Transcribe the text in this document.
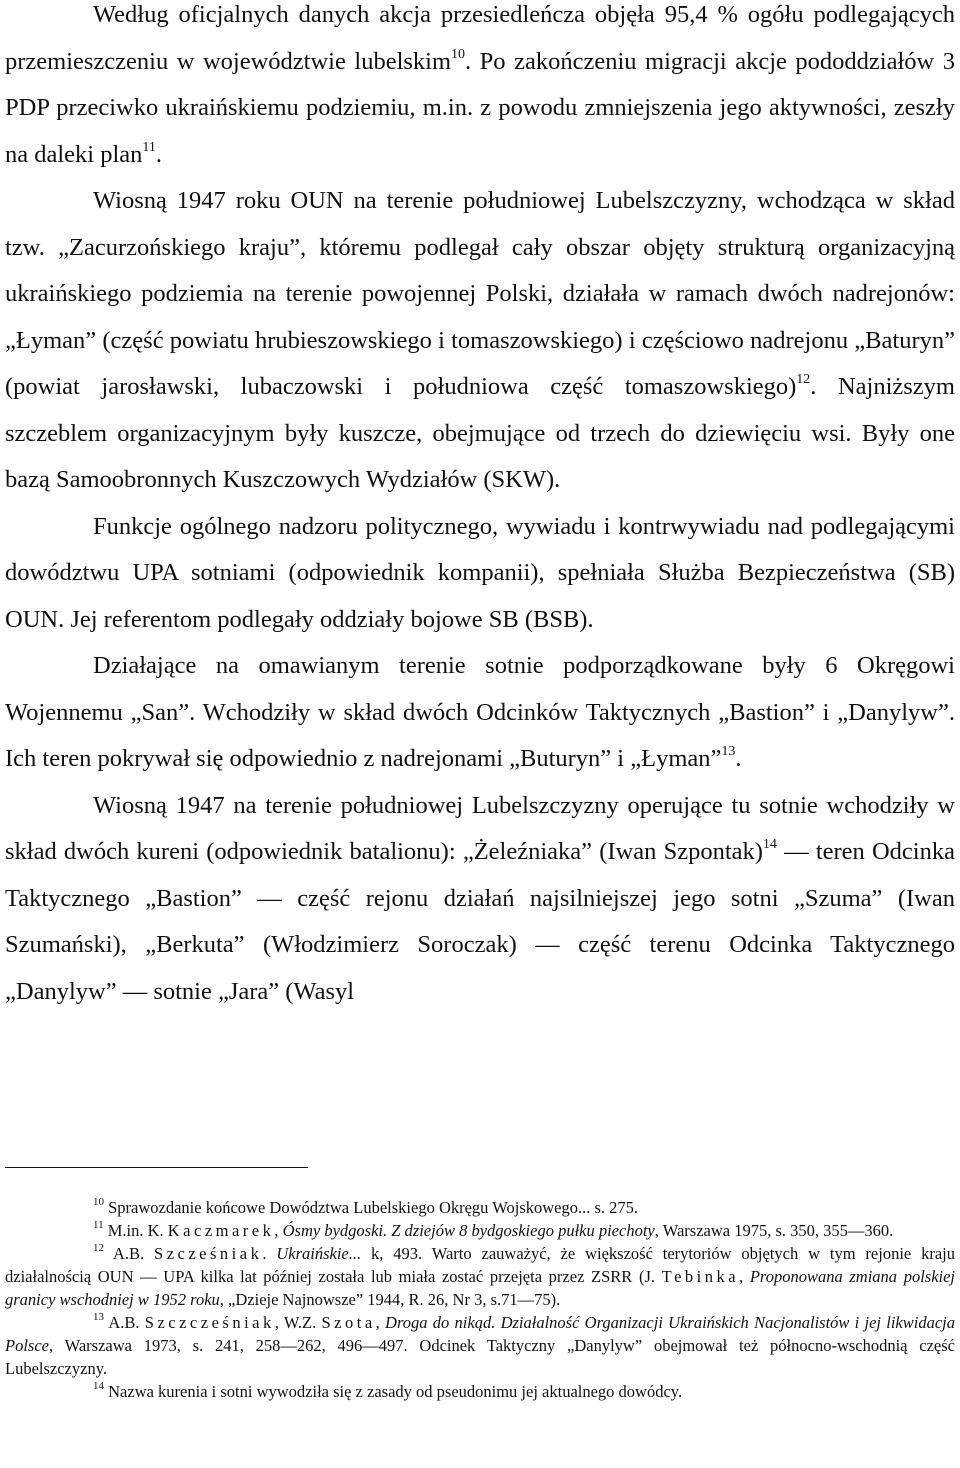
Według oficjalnych danych akcja przesiedleńcza objęła 95,4 % ogółu podlegających przemieszczeniu w województwie lubelskim$^{10}$. Po zakończeniu migracji akcje pododdziałów 3 PDP przeciwko ukraińskiemu podziemiu, m.in. z powodu zmniejszenia jego aktywności, zeszły na daleki plan$^{11}$.

Wiosną 1947 roku OUN na terenie południowej Lubelszczyzny, wchodząca w skład tzw. „Zacurzońskiego kraju”, któremu podlegał cały obszar objęty strukturą organizacyjną ukraińskiego podziemia na terenie powojennej Polski, działała w ramach dwóch nadrejonów: „Łyman” (część powiatu hrubieszowskiego i tomaszowskiego) i częściowo nadrejonu „Baturyn” (powiat jarosławski, lubaczowski i południowa część tomaszowskiego)$^{12}$. Najniższym szczeblem organizacyjnym były kuszcze, obejmujące od trzech do dziewięciu wsi. Były one bazą Samoobronnych Kuszczowych Wydziałów (SKW).

Funkcje ogólnego nadzoru politycznego, wywiadu i kontrwywiadu nad podlegającymi dowództwu UPA sotniami (odpowiednik kompanii), spełniała Służba Bezpieczeństwa (SB) OUN. Jej referentom podlegały oddziały bojowe SB (BSB).

Działające na omawianym terenie sotnie podporządkowane były 6 Okręgowi Wojennemu „San”. Wchodziły w skład dwóch Odcinków Taktycznych „Bastion” i „Danylyw”. Ich teren pokrywał się odpowiednio z nadrejonami „Buturyn” i „Łyman”$^{13}$.

Wiosną 1947 na terenie południowej Lubelszczyzny operujące tu sotnie wchodziły w skład dwóch kureni (odpowiednik batalionu): „Żeleźniaka” (Iwan Szpontak)$^{14}$ — teren Odcinka Taktycznego „Bastion” — część rejonu działań najsilniejszej jego sotni „Szuma” (Iwan Szumański), „Berkuta” (Włodzimierz Soroczak) — część terenu Odcinka Taktycznego „Danylyw” — sotnie „Jara” (Wasyl

$^{10}$ Sprawozdanie końcowe Dowództwa Lubelskiego Okręgu Wojskowego... s. 275.

$^{11}$ M.in. K. Kaczmarek, Ósmy bydgoski. Z dziejów 8 bydgoskiego pułku piechoty, Warszawa 1975, s. 350, 355—360.

$^{12}$ A.B. Szcześniak. Ukraińskie... k, 493. Warto zauważyć, że większość terytoriów objętych w tym rejonie kraju działalnością OUN — UPA kilka lat później została lub miała zostać przejęta przez ZSRR (J. Tebinka, Proponowana zmiana polskiej granicy wschodniej w 1952 roku, „Dzieje Najnowsze” 1944, R. 26, Nr 3, s.71—75).

$^{13}$ A.B. Szczcześniak, W.Z. Szota, Droga do nikąd. Działalność Organizacji Ukraińskich Nacjonalistów i jej likwidacja Polsce, Warszawa 1973, s. 241, 258—262, 496—497. Odcinek Taktyczny „Danylyw” obejmował też północno-wschodnią część Lubelszczyzny.

$^{14}$ Nazwa kurenia i sotni wywodziła się z zasady od pseudonimu jej aktualnego dowódcy.
